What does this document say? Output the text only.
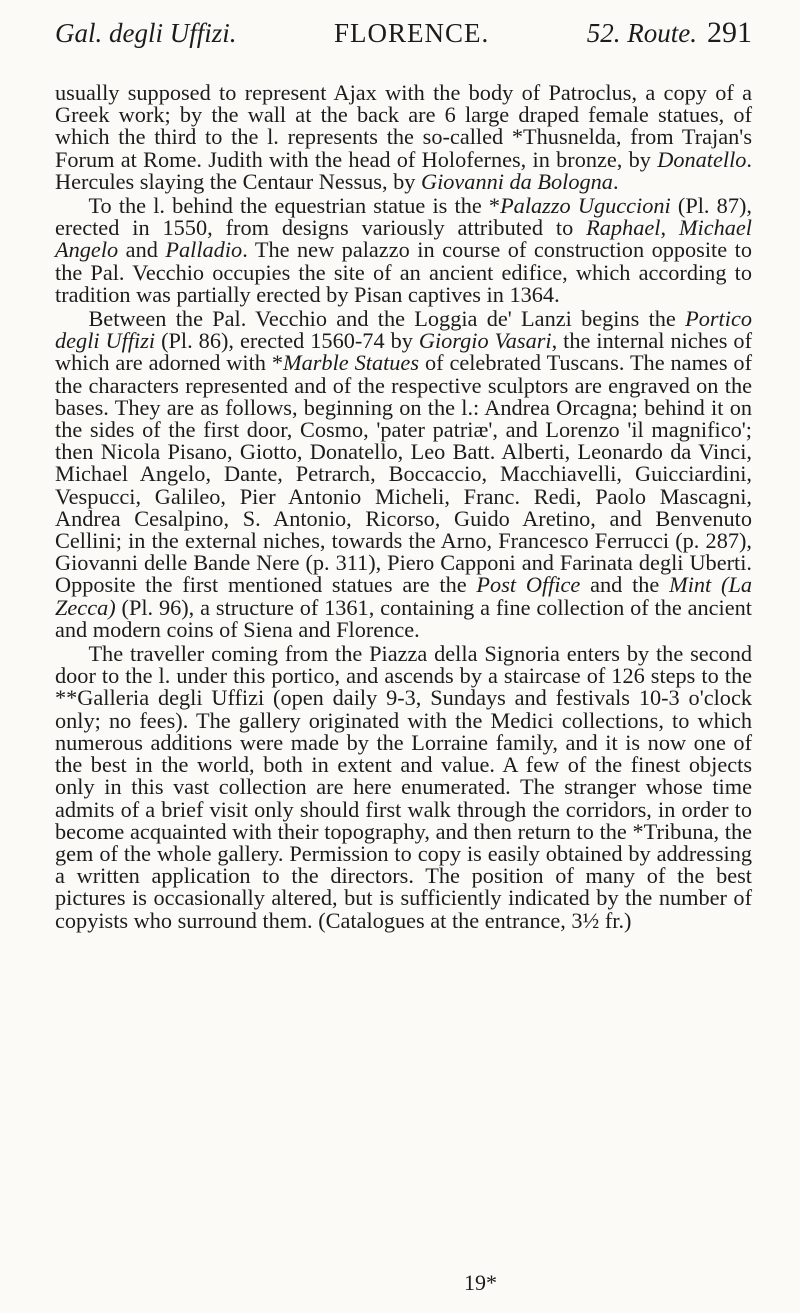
Gal. degli Uffizi.	FLORENCE.	52. Route. 291

usually supposed to represent Ajax with the body of Patroclus, a copy of a Greek work; by the wall at the back are 6 large draped female statues, of which the third to the l. represents the so-called *Thusnelda, from Trajan's Forum at Rome. Judith with the head of Holofernes, in bronze, by Donatello. Hercules slaying the Centaur Nessus, by Giovanni da Bologna.

To the l. behind the equestrian statue is the *Palazzo Uguccioni (Pl. 87), erected in 1550, from designs variously attributed to Raphael, Michael Angelo and Palladio. The new palazzo in course of construction opposite to the Pal. Vecchio occupies the site of an ancient edifice, which according to tradition was partially erected by Pisan captives in 1364.

Between the Pal. Vecchio and the Loggia de' Lanzi begins the Portico degli Uffizi (Pl. 86), erected 1560-74 by Giorgio Vasari, the internal niches of which are adorned with *Marble Statues of celebrated Tuscans. The names of the characters represented and of the respective sculptors are engraved on the bases. They are as follows, beginning on the l.: Andrea Orcagna; behind it on the sides of the first door, Cosmo, 'pater patriæ', and Lorenzo 'il magnifico'; then Nicola Pisano, Giotto, Donatello, Leo Batt. Alberti, Leonardo da Vinci, Michael Angelo, Dante, Petrarch, Boccaccio, Macchiavelli, Guicciardini, Vespucci, Galileo, Pier Antonio Micheli, Franc. Redi, Paolo Mascagni, Andrea Cesalpino, S. Antonio, Ricorso, Guido Aretino, and Benvenuto Cellini; in the external niches, towards the Arno, Francesco Ferrucci (p. 287), Giovanni delle Bande Nere (p. 311), Piero Capponi and Farinata degli Uberti. Opposite the first mentioned statues are the Post Office and the Mint (La Zecca) (Pl. 96), a structure of 1361, containing a fine collection of the ancient and modern coins of Siena and Florence.

The traveller coming from the Piazza della Signoria enters by the second door to the l. under this portico, and ascends by a staircase of 126 steps to the **Galleria degli Uffizi (open daily 9-3, Sundays and festivals 10-3 o'clock only; no fees). The gallery originated with the Medici collections, to which numerous additions were made by the Lorraine family, and it is now one of the best in the world, both in extent and value. A few of the finest objects only in this vast collection are here enumerated. The stranger whose time admits of a brief visit only should first walk through the corridors, in order to become acquainted with their topography, and then return to the *Tribuna, the gem of the whole gallery. Permission to copy is easily obtained by addressing a written application to the directors. The position of many of the best pictures is occasionally altered, but is sufficiently indicated by the number of copyists who surround them. (Catalogues at the entrance, 3½ fr.)

19*
